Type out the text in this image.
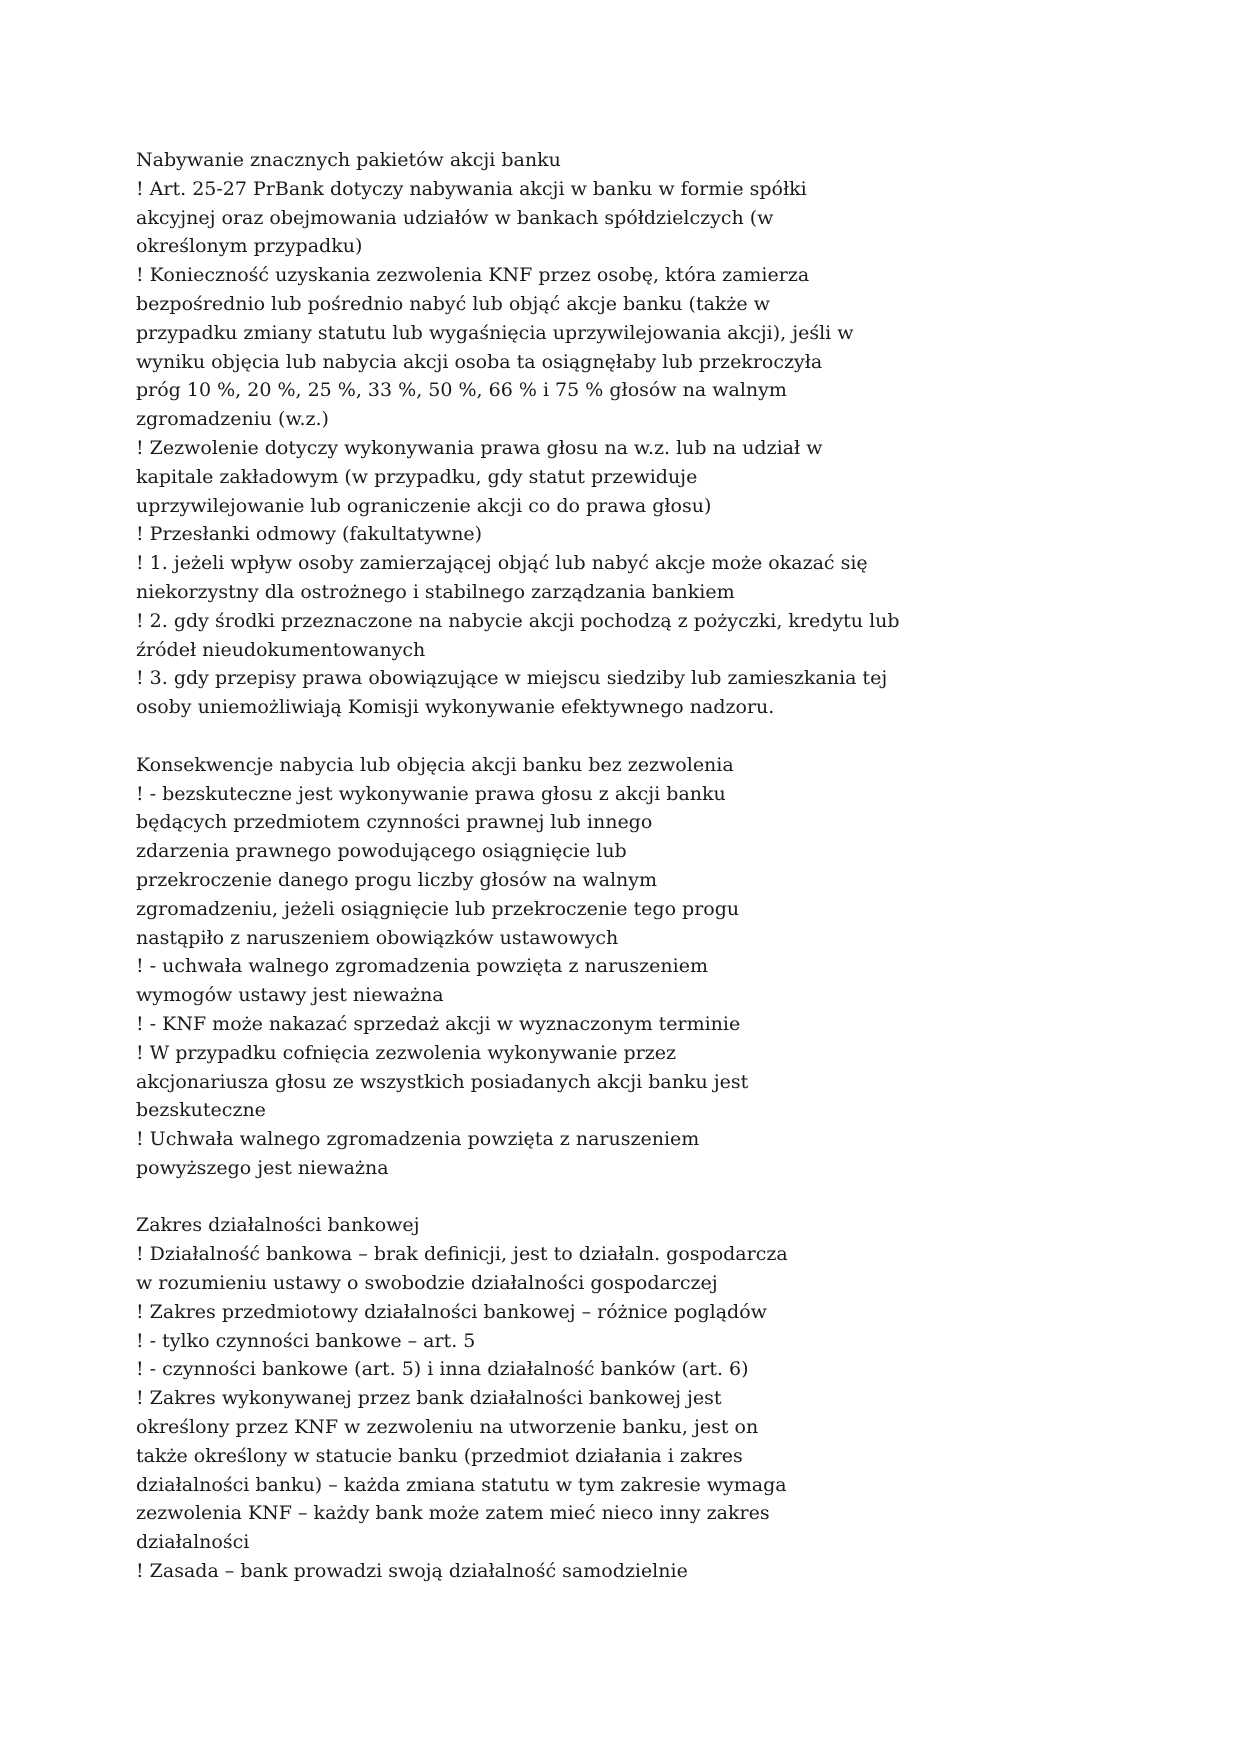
Nabywanie znacznych pakietów akcji banku
! Art. 25-27 PrBank dotyczy nabywania akcji w banku w formie spółki
akcyjnej oraz obejmowania udziałów w bankach spółdzielczych (w
określonym przypadku)
! Konieczność uzyskania zezwolenia KNF przez osobę, która zamierza
bezpośrednio lub pośrednio nabyć lub objąć akcje banku (także w
przypadku zmiany statutu lub wygaśnięcia uprzywilejowania akcji), jeśli w
wyniku objęcia lub nabycia akcji osoba ta osiągnęłaby lub przekroczyła
próg 10 %, 20 %, 25 %, 33 %, 50 %, 66 % i 75 % głosów na walnym
zgromadzeniu (w.z.)
! Zezwolenie dotyczy wykonywania prawa głosu na w.z. lub na udział w
kapitale zakładowym (w przypadku, gdy statut przewiduje
uprzywilejowanie lub ograniczenie akcji co do prawa głosu)
! Przesłanki odmowy (fakultatywne)
! 1. jeżeli wpływ osoby zamierzającej objąć lub nabyć akcje może okazać się
niekorzystny dla ostrożnego i stabilnego zarządzania bankiem
! 2. gdy środki przeznaczone na nabycie akcji pochodzą z pożyczki, kredytu lub
źródeł nieudokumentowanych
! 3. gdy przepisy prawa obowiązujące w miejscu siedziby lub zamieszkania tej
osoby uniemożliwiają Komisji wykonywanie efektywnego nadzoru.

Konsekwencje nabycia lub objęcia akcji banku bez zezwolenia
! - bezskuteczne jest wykonywanie prawa głosu z akcji banku
będących przedmiotem czynności prawnej lub innego
zdarzenia prawnego powodującego osiągnięcie lub
przekroczenie danego progu liczby głosów na walnym
zgromadzeniu, jeżeli osiągnięcie lub przekroczenie tego progu
nastąpiło z naruszeniem obowiązków ustawowych
! - uchwała walnego zgromadzenia powzięta z naruszeniem
wymogów ustawy jest nieważna
! - KNF może nakazać sprzedaż akcji w wyznaczonym terminie
! W przypadku cofnięcia zezwolenia wykonywanie przez
akcjonariusza głosu ze wszystkich posiadanych akcji banku jest
bezskuteczne
! Uchwała walnego zgromadzenia powzięta z naruszeniem
powyższego jest nieważna

Zakres działalności bankowej
! Działalność bankowa – brak definicji, jest to działaln. gospodarcza
w rozumieniu ustawy o swobodzie działalności gospodarczej
! Zakres przedmiotowy działalności bankowej – różnice poglądów
! - tylko czynności bankowe – art. 5
! - czynności bankowe (art. 5) i inna działalność banków (art. 6)
! Zakres wykonywanej przez bank działalności bankowej jest
określony przez KNF w zezwoleniu na utworzenie banku, jest on
także określony w statucie banku (przedmiot działania i zakres
działalności banku) – każda zmiana statutu w tym zakresie wymaga
zezwolenia KNF – każdy bank może zatem mieć nieco inny zakres
działalności
! Zasada – bank prowadzi swoją działalność samodzielnie
